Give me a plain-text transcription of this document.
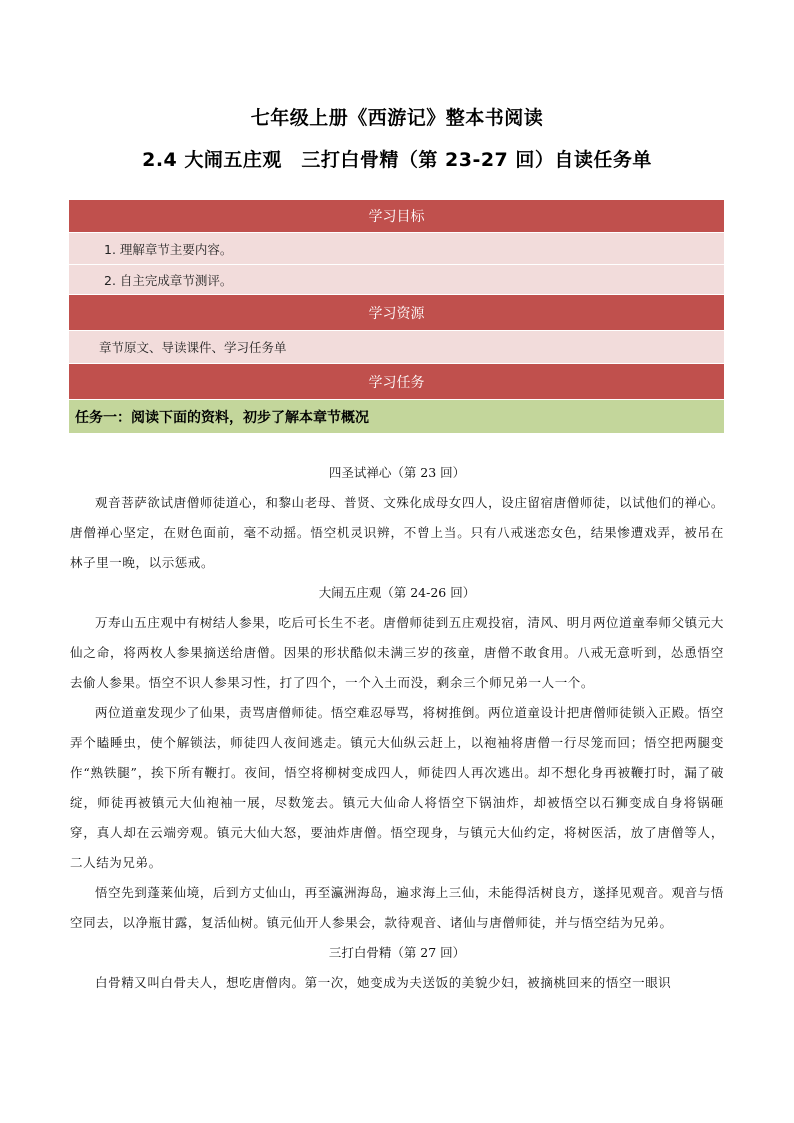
七年级上册《西游记》整本书阅读
2.4 大闹五庄观　三打白骨精（第 23-27 回）自读任务单
学习目标
1. 理解章节主要内容。
2. 自主完成章节测评。
学习资源
章节原文、导读课件、学习任务单
学习任务
任务一：阅读下面的资料，初步了解本章节概况

四圣试禅心（第 23 回）

观音菩萨欲试唐僧师徒道心，和黎山老母、普贤、文殊化成母女四人，设庄留宿唐僧师徒，以试他们的禅心。唐僧禅心坚定，在财色面前，毫不动摇。悟空机灵识辨，不曾上当。只有八戒迷恋女色，结果惨遭戏弄，被吊在林子里一晚，以示惩戒。

大闹五庄观（第 24-26 回）

万寿山五庄观中有树结人参果，吃后可长生不老。唐僧师徒到五庄观投宿，清风、明月两位道童奉师父镇元大仙之命，将两枚人参果摘送给唐僧。因果的形状酷似未满三岁的孩童，唐僧不敢食用。八戒无意听到，怂恿悟空去偷人参果。悟空不识人参果习性，打了四个，一个入土而没，剩余三个师兄弟一人一个。

两位道童发现少了仙果，责骂唐僧师徒。悟空难忍辱骂，将树推倒。两位道童设计把唐僧师徒锁入正殿。悟空弄个瞌睡虫，使个解锁法，师徒四人夜间逃走。镇元大仙纵云赶上，以袍袖将唐僧一行尽笼而回；悟空把两腿变作“熟铁腿”，挨下所有鞭打。夜间，悟空将柳树变成四人，师徒四人再次逃出。却不想化身再被鞭打时，漏了破绽，师徒再被镇元大仙袍袖一展，尽数笼去。镇元大仙命人将悟空下锅油炸，却被悟空以石狮变成自身将锅砸穿，真人却在云端旁观。镇元大仙大怒，要油炸唐僧。悟空现身，与镇元大仙约定，将树医活，放了唐僧等人，二人结为兄弟。

悟空先到蓬莱仙境，后到方丈仙山，再至瀛洲海岛，遍求海上三仙，未能得活树良方，遂择见观音。观音与悟空同去，以净瓶甘露，复活仙树。镇元仙开人参果会，款待观音、诸仙与唐僧师徒，并与悟空结为兄弟。

三打白骨精（第 27 回）

白骨精又叫白骨夫人，想吃唐僧肉。第一次，她变成为夫送饭的美貌少妇，被摘桃回来的悟空一眼识
